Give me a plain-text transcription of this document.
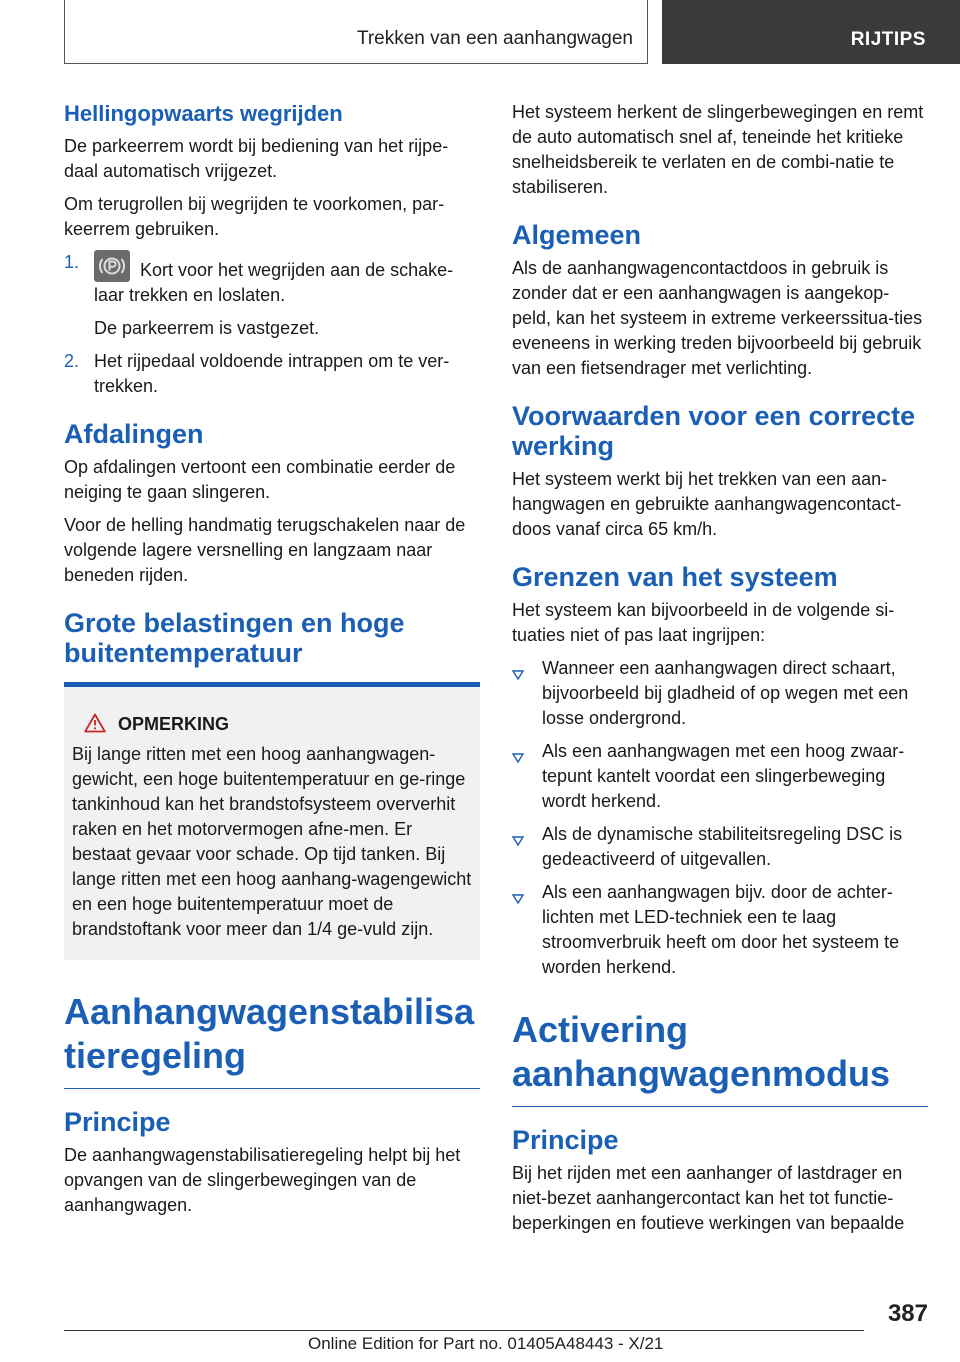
Trekken van een aanhangwagen	RIJTIPS
Hellingopwaarts wegrijden

De parkeerrem wordt bij bediening van het rijpe-daal automatisch vrijgezet.

Om terugrollen bij wegrijden te voorkomen, par-keerrem gebruiken.

1.	Kort voor het wegrijden aan de schake-laar trekken en loslaten.

De parkeerrem is vastgezet.

2. Het rijpedaal voldoende intrappen om te ver-trekken.
Afdalingen

Op afdalingen vertoont een combinatie eerder de neiging te gaan slingeren.

Voor de helling handmatig terugschakelen naar de volgende lagere versnelling en langzaam naar beneden rijden.

Grote belastingen en hoge buitentemperatuur
OPMERKING

Bij lange ritten met een hoog aanhangwagen-gewicht, een hoge buitentemperatuur en ge-ringe tankinhoud kan het brandstofsysteem oververhit raken en het motorvermogen afne-men. Er bestaat gevaar voor schade. Op tijd tanken. Bij lange ritten met een hoog aanhang-wagengewicht en een hoge buitentemperatuur moet de brandstoftank voor meer dan 1/4 ge-vuld zijn.

Aanhangwagenstabilisatieregeling
Principe

De aanhangwagenstabilisatieregeling helpt bij het opvangen van de slingerbewegingen van de aanhangwagen.

Het systeem herkent de slingerbewegingen en remt de auto automatisch snel af, teneinde het kritieke snelheidsbereik te verlaten en de combi-natie te stabiliseren.

Algemeen

Als de aanhangwagencontactdoos in gebruik is zonder dat er een aanhangwagen is aangekop-peld, kan het systeem in extreme verkeerssitua-ties eveneens in werking treden bijvoorbeeld bij gebruik van een fietsendrager met verlichting.

Voorwaarden voor een correcte werking

Het systeem werkt bij het trekken van een aan-hangwagen en gebruikte aanhangwagencontact-doos vanaf circa 65 km/h.

Grenzen van het systeem

Het systeem kan bijvoorbeeld in de volgende si-tuaties niet of pas laat ingrijpen:

Wanneer een aanhangwagen direct schaart, bijvoorbeeld bij gladheid of op wegen met een losse ondergrond.
Als een aanhangwagen met een hoog zwaar-tepunt kantelt voordat een slingerbeweging wordt herkend.
Als de dynamische stabiliteitsregeling DSC is gedeactiveerd of uitgevallen.
Als een aanhangwagen bijv. door de achter-lichten met LED-techniek een te laag stroomverbruik heeft om door het systeem te worden herkend.
Activering aanhangwagenmodus
Principe

Bij het rijden met een aanhanger of lastdrager en niet-bezet aanhangercontact kan het tot functie-beperkingen en foutieve werkingen van bepaalde

387
Online Edition for Part no. 01405A48443 - X/21
